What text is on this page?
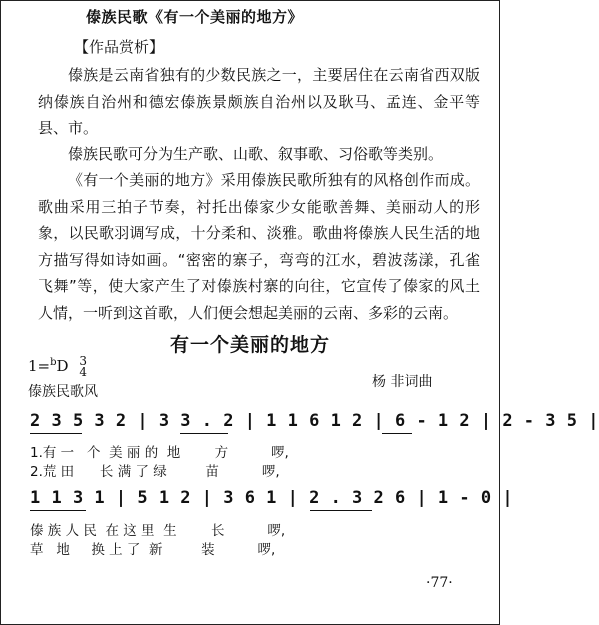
傣族民歌《有一个美丽的地方》
【作品赏析】
傣族是云南省独有的少数民族之一，主要居住在云南省西双版纳傣族自治州和德宏傣族景颇族自治州以及耿马、孟连、金平等县、市。
傣族民歌可分为生产歌、山歌、叙事歌、习俗歌等类别。
《有一个美丽的地方》采用傣族民歌所独有的风格创作而成。歌曲采用三拍子节奏，衬托出傣家少女能歌善舞、美丽动人的形象，以民歌羽调写成，十分柔和、淡雅。歌曲将傣族人民生活的地方描写得如诗如画。“密密的寨子，弯弯的江水，碧波荡漾，孔雀飞舞”等，使大家产生了对傣族村寨的向往，它宣传了傣家的风土人情，一听到这首歌，人们便会想起美丽的云南、多彩的云南。
有一个美丽的地方
1=$^b$D 3
4
傣族民歌风
杨 非词曲
2 3 5 3 2 | 3 3 . 2 | 1 1 6 1 2 | 6 - 1 2 | 2 - 3 5 |
1.有 一   个  美 丽 的  地        方          啰,
2.荒 田      长 满 了 绿         苗          啰,
1 1 3 1 | 5 1 2 | 3 6 1 | 2 . 3 2 6 | 1 - 0 |
傣 族 人 民  在 这 里  生        长          啰,
草   地     换 上 了  新         装          啰,
·77·
